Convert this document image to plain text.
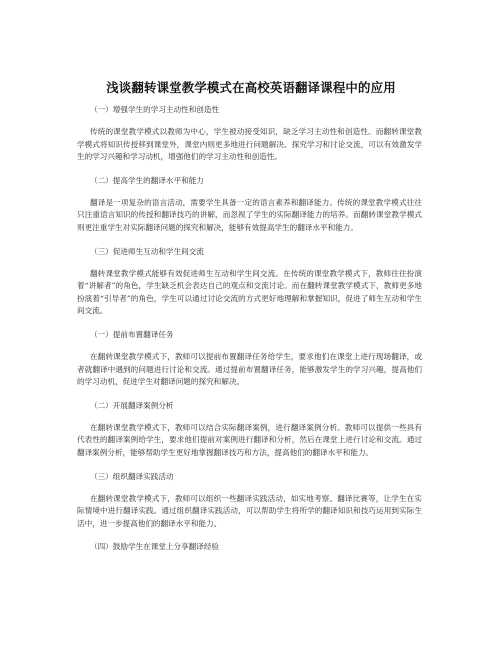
浅谈翻转课堂教学模式在高校英语翻译课程中的应用
（一）增强学生的学习主动性和创造性

传统的课堂教学模式以教师为中心，学生被动接受知识，缺乏学习主动性和创造性。而翻转课堂教学模式将知识传授移到课堂外，课堂内则更多地进行问题解决、探究学习和讨论交流，可以有效激发学生的学习兴趣和学习动机，增强他们的学习主动性和创造性。

（二）提高学生的翻译水平和能力

翻译是一项复杂的语言活动，需要学生具备一定的语言素养和翻译能力。传统的课堂教学模式往往只注重语言知识的传授和翻译技巧的讲解，而忽视了学生的实际翻译能力的培养。而翻转课堂教学模式则更注重学生对实际翻译问题的探究和解决，能够有效提高学生的翻译水平和能力。

（三）促进师生互动和学生间交流

翻转课堂教学模式能够有效促进师生互动和学生间交流。在传统的课堂教学模式下，教师往往扮演着“讲解者”的角色，学生缺乏机会表达自己的观点和交流讨论。而在翻转课堂教学模式下，教师更多地扮演着“引导者”的角色，学生可以通过讨论交流的方式更好地理解和掌握知识，促进了师生互动和学生间交流。

（一）提前布置翻译任务

在翻转课堂教学模式下，教师可以提前布置翻译任务给学生，要求他们在课堂上进行现场翻译，或者就翻译中遇到的问题进行讨论和交流。通过提前布置翻译任务，能够激发学生的学习兴趣，提高他们的学习动机，促进学生对翻译问题的探究和解决。

（二）开展翻译案例分析

在翻转课堂教学模式下，教师可以结合实际翻译案例，进行翻译案例分析。教师可以提供一些具有代表性的翻译案例给学生，要求他们提前对案例进行翻译和分析，然后在课堂上进行讨论和交流。通过翻译案例分析，能够帮助学生更好地掌握翻译技巧和方法，提高他们的翻译水平和能力。

（三）组织翻译实践活动

在翻转课堂教学模式下，教师可以组织一些翻译实践活动，如实地考察、翻译比赛等，让学生在实际情境中进行翻译实践。通过组织翻译实践活动，可以帮助学生将所学的翻译知识和技巧运用到实际生活中，进一步提高他们的翻译水平和能力。

（四）鼓励学生在课堂上分享翻译经验
